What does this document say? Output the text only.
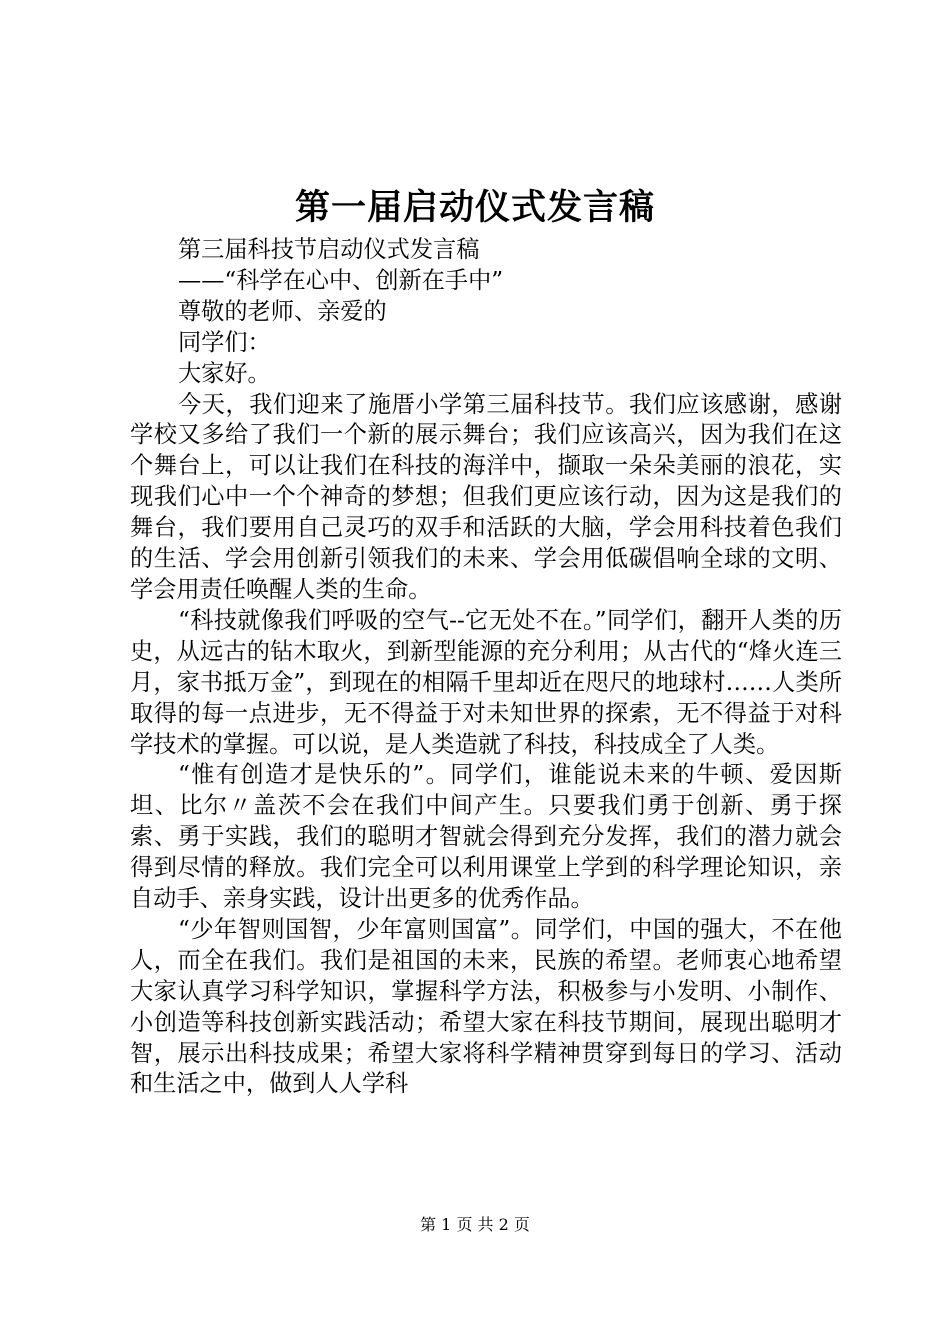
第一届启动仪式发言稿

第三届科技节启动仪式发言稿

——“科学在心中、创新在手中”

尊敬的老师、亲爱的

同学们：

大家好。

今天，我们迎来了施厝小学第三届科技节。我们应该感谢，感谢学校又多给了我们一个新的展示舞台；我们应该高兴，因为我们在这个舞台上，可以让我们在科技的海洋中，撷取一朵朵美丽的浪花，实现我们心中一个个神奇的梦想；但我们更应该行动，因为这是我们的舞台，我们要用自己灵巧的双手和活跃的大脑，学会用科技着色我们的生活、学会用创新引领我们的未来、学会用低碳倡响全球的文明、学会用责任唤醒人类的生命。

“科技就像我们呼吸的空气--它无处不在。”同学们，翻开人类的历史，从远古的钻木取火，到新型能源的充分利用；从古代的“烽火连三月，家书抵万金”，到现在的相隔千里却近在咫尺的地球村……人类所取得的每一点进步，无不得益于对未知世界的探索，无不得益于对科学技术的掌握。可以说，是人类造就了科技，科技成全了人类。

“惟有创造才是快乐的”。同学们，谁能说未来的牛顿、爱因斯坦、比尔〃盖茨不会在我们中间产生。只要我们勇于创新、勇于探索、勇于实践，我们的聪明才智就会得到充分发挥，我们的潜力就会得到尽情的释放。我们完全可以利用课堂上学到的科学理论知识，亲自动手、亲身实践，设计出更多的优秀作品。

“少年智则国智，少年富则国富”。同学们，中国的强大，不在他人，而全在我们。我们是祖国的未来，民族的希望。老师衷心地希望大家认真学习科学知识，掌握科学方法，积极参与小发明、小制作、小创造等科技创新实践活动；希望大家在科技节期间，展现出聪明才智，展示出科技成果；希望大家将科学精神贯穿到每日的学习、活动和生活之中，做到人人学科

第 1 页 共 2 页
